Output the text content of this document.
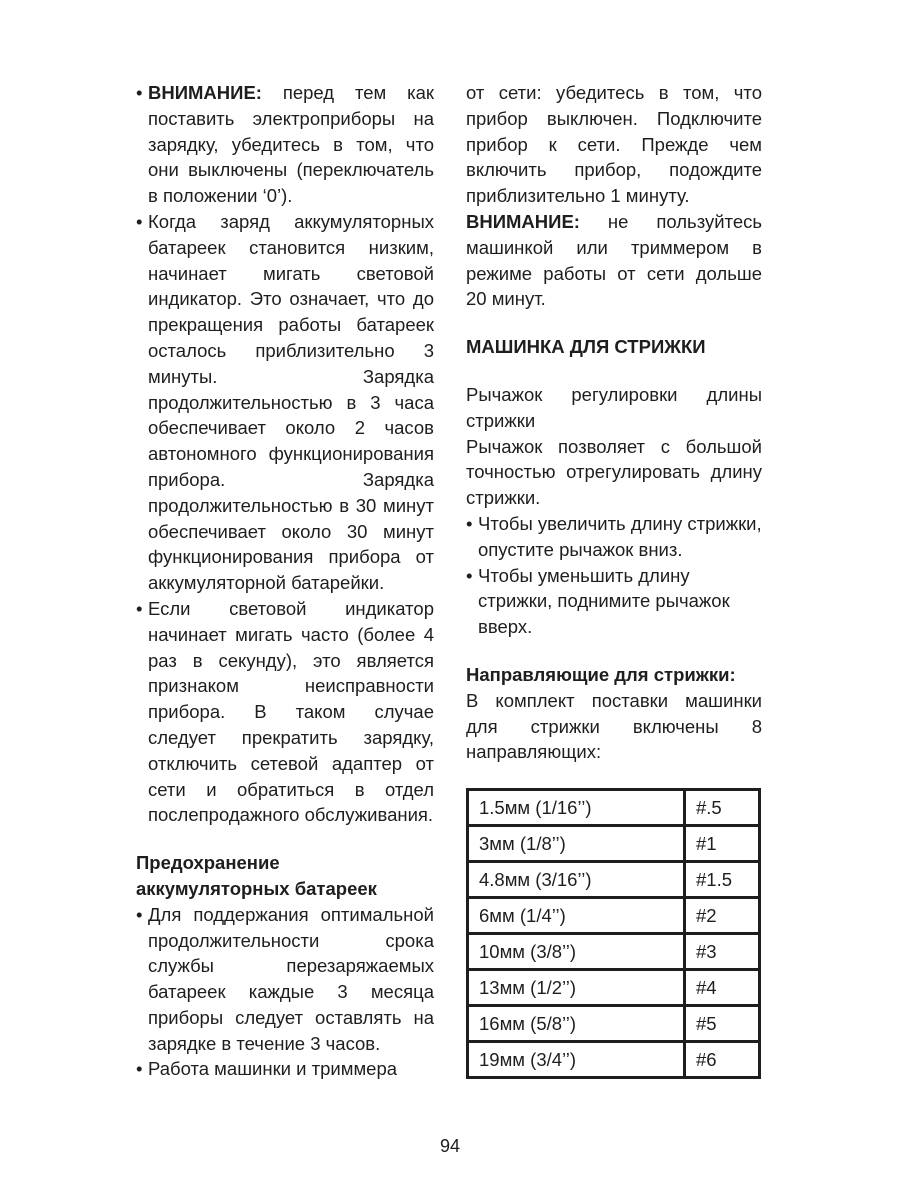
• ВНИМАНИЕ: перед тем как поставить электроприборы на зарядку, убедитесь в том, что они выключены (переключатель в положении ‘0’).
• Когда заряд аккумуляторных батареек становится низким, начинает мигать световой индикатор. Это означает, что до прекращения работы батареек осталось приблизительно 3 минуты. Зарядка продолжительностью в 3 часа обеспечивает около 2 часов автономного функционирования прибора. Зарядка продолжительностью в 30 минут обеспечивает около 30 минут функционирования прибора от аккумуляторной батарейки.
• Если световой индикатор начинает мигать часто (более 4 раз в секунду), это является признаком неисправности прибора. В таком случае следует прекратить зарядку, отключить сетевой адаптер от сети и обратиться в отдел послепродажного обслуживания.

Предохранение

аккумуляторных батареек

• Для поддержания оптимальной продолжительности срока службы перезаряжаемых батареек каждые 3 месяца приборы следует оставлять на зарядке в течение 3 часов.
• Работа машинки и триммера

от сети: убедитесь в том, что прибор выключен. Подключите прибор к сети. Прежде чем включить прибор, подождите приблизительно 1 минуту.

ВНИМАНИЕ: не пользуйтесь машинкой или триммером в режиме работы от сети дольше 20 минут.

МАШИНКА ДЛЯ СТРИЖКИ

Рычажок регулировки длины стрижки

Рычажок позволяет с большой точностью отрегулировать длину стрижки.

• Чтобы увеличить длину стрижки, опустите рычажок вниз.
• Чтобы уменьшить длину стрижки, поднимите рычажок вверх.

Направляющие для стрижки:

В комплект поставки машинки для стрижки включены 8 направляющих:

1.5мм (1/16’’)	#.5
3мм (1/8’’)	#1
4.8мм (3/16’’)	#1.5
6мм (1/4’’)	#2
10мм (3/8’’)	#3
13мм (1/2’’)	#4
16мм (5/8’’)	#5
19мм (3/4’’)	#6
94
